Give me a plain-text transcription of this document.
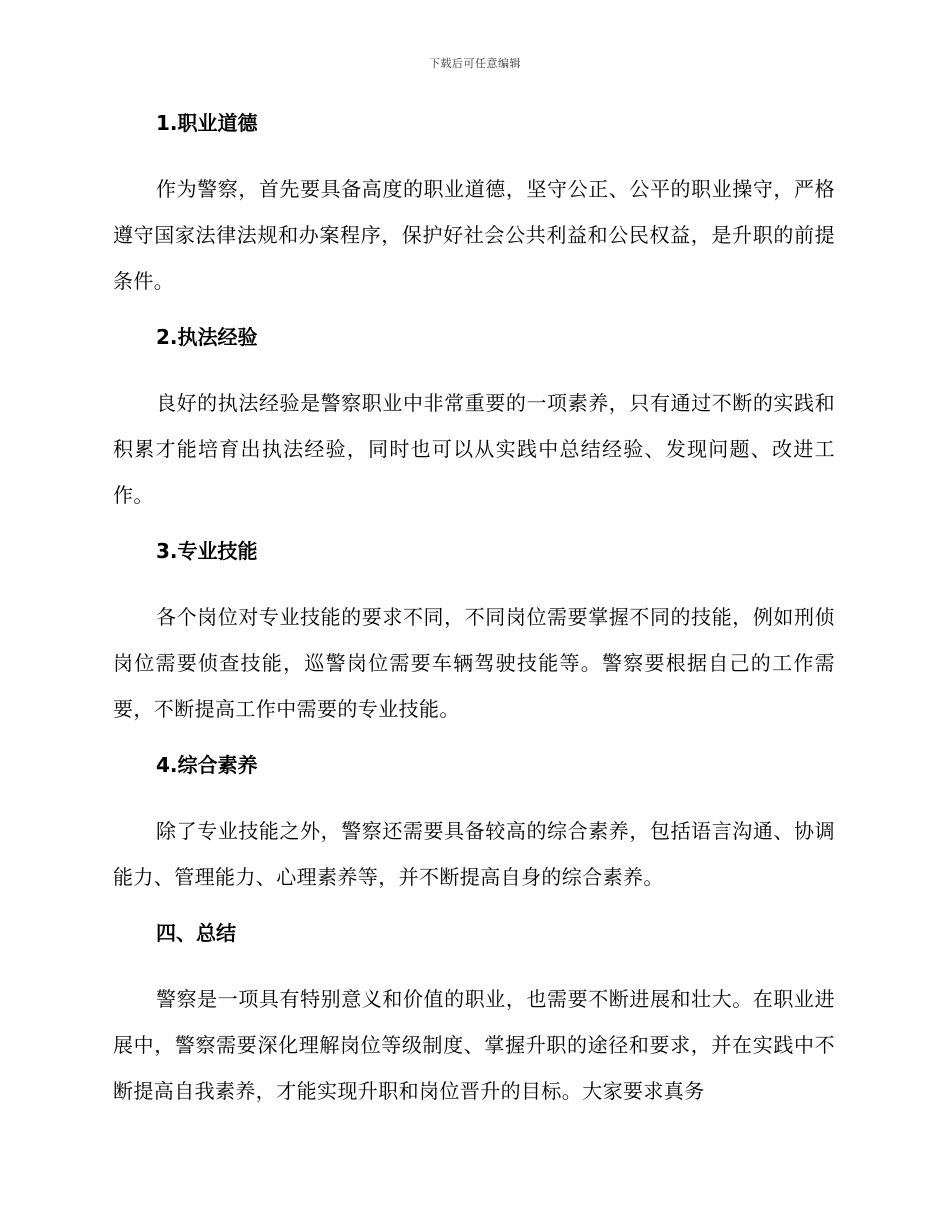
下载后可任意编辑
1.职业道德

作为警察，首先要具备高度的职业道德，坚守公正、公平的职业操守，严格遵守国家法律法规和办案程序，保护好社会公共利益和公民权益，是升职的前提条件。

2.执法经验

良好的执法经验是警察职业中非常重要的一项素养，只有通过不断的实践和积累才能培育出执法经验，同时也可以从实践中总结经验、发现问题、改进工作。

3.专业技能

各个岗位对专业技能的要求不同，不同岗位需要掌握不同的技能，例如刑侦岗位需要侦查技能，巡警岗位需要车辆驾驶技能等。警察要根据自己的工作需要，不断提高工作中需要的专业技能。

4.综合素养

除了专业技能之外，警察还需要具备较高的综合素养，包括语言沟通、协调能力、管理能力、心理素养等，并不断提高自身的综合素养。

四、总结

警察是一项具有特别意义和价值的职业，也需要不断进展和壮大。在职业进展中，警察需要深化理解岗位等级制度、掌握升职的途径和要求，并在实践中不断提高自我素养，才能实现升职和岗位晋升的目标。大家要求真务
